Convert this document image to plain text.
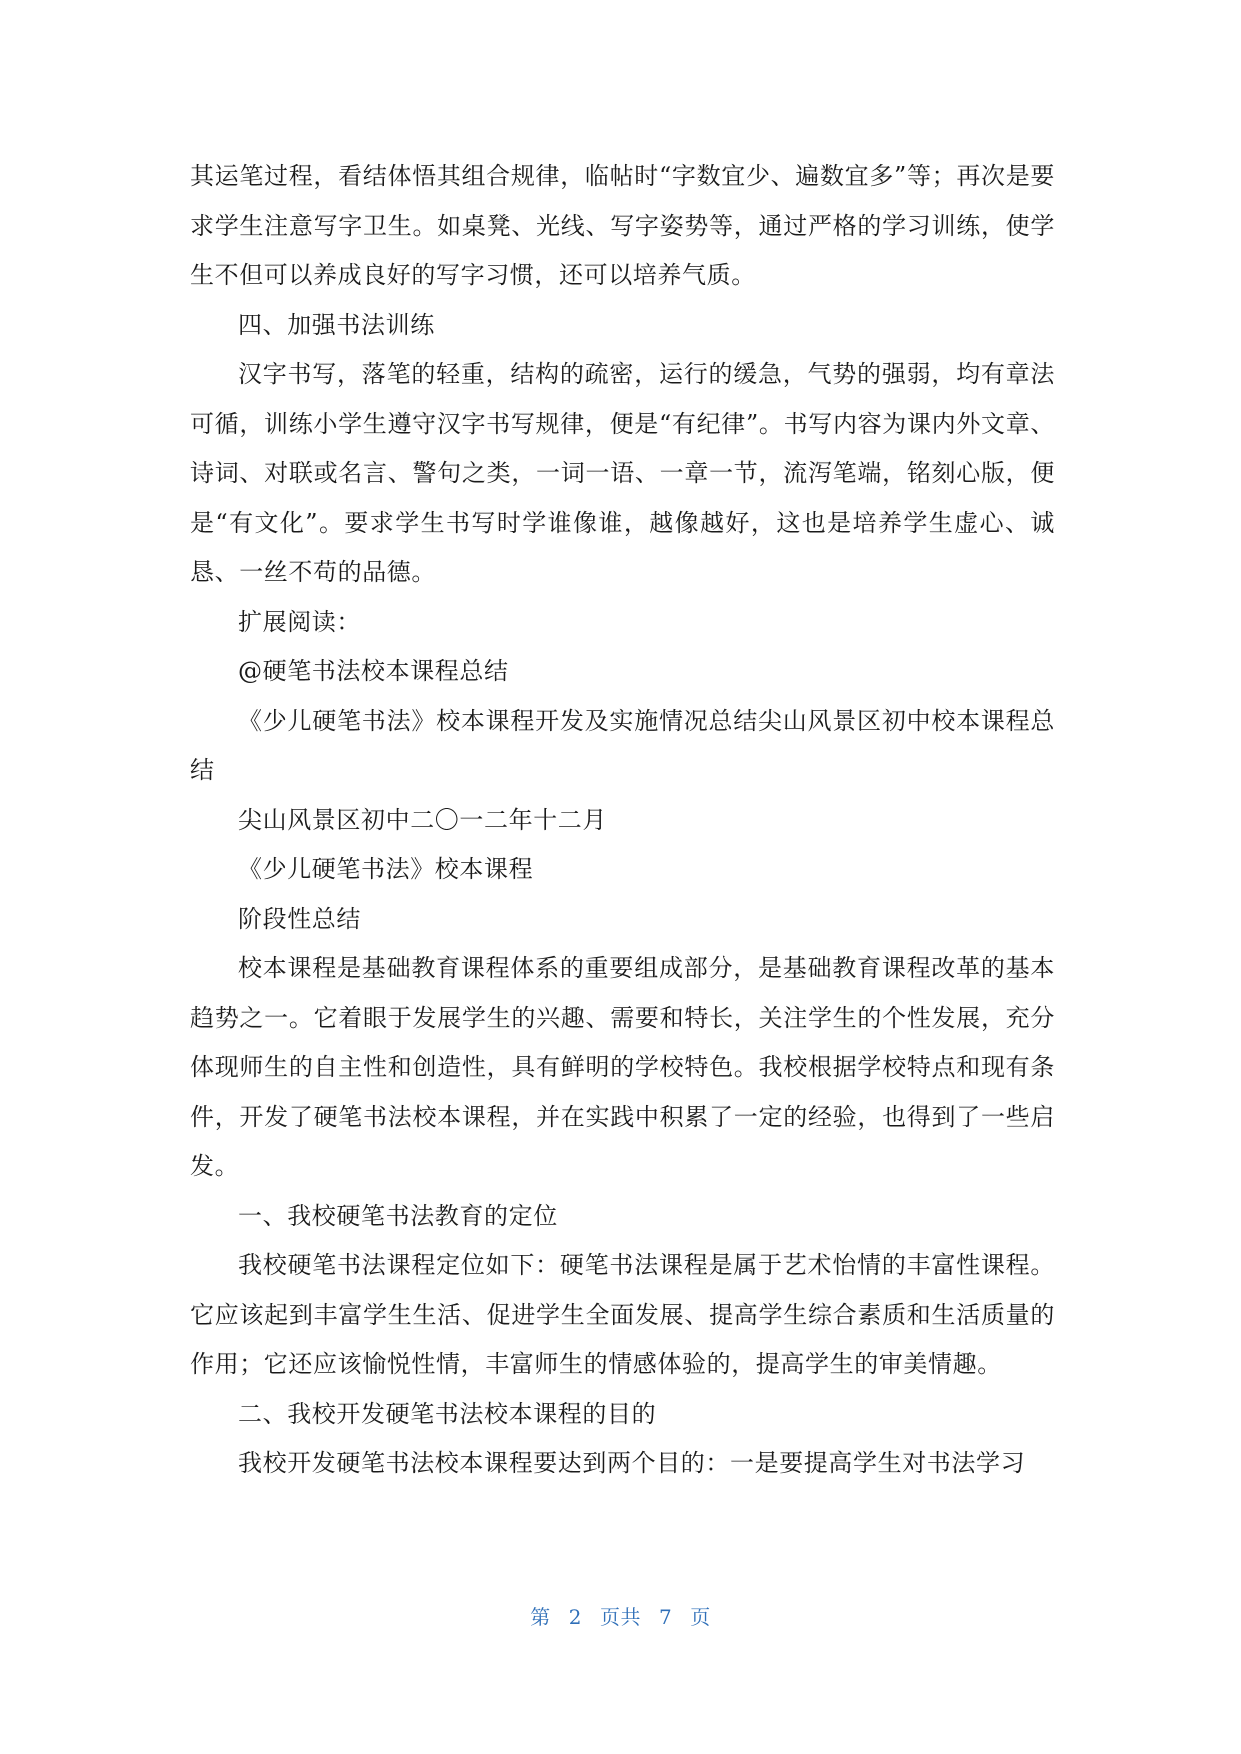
其运笔过程，看结体悟其组合规律，临帖时“字数宜少、遍数宜多”等；再次是要求学生注意写字卫生。如桌凳、光线、写字姿势等，通过严格的学习训练，使学生不但可以养成良好的写字习惯，还可以培养气质。

四、加强书法训练

汉字书写，落笔的轻重，结构的疏密，运行的缓急，气势的强弱，均有章法可循，训练小学生遵守汉字书写规律，便是“有纪律”。书写内容为课内外文章、诗词、对联或名言、警句之类，一词一语、一章一节，流泻笔端，铭刻心版，便是“有文化”。要求学生书写时学谁像谁，越像越好，这也是培养学生虚心、诚恳、一丝不苟的品德。

扩展阅读：

@硬笔书法校本课程总结

《少儿硬笔书法》校本课程开发及实施情况总结尖山风景区初中校本课程总结

尖山风景区初中二〇一二年十二月

《少儿硬笔书法》校本课程

阶段性总结

校本课程是基础教育课程体系的重要组成部分，是基础教育课程改革的基本趋势之一。它着眼于发展学生的兴趣、需要和特长，关注学生的个性发展，充分体现师生的自主性和创造性，具有鲜明的学校特色。我校根据学校特点和现有条件，开发了硬笔书法校本课程，并在实践中积累了一定的经验，也得到了一些启发。

一、我校硬笔书法教育的定位

我校硬笔书法课程定位如下：硬笔书法课程是属于艺术怡情的丰富性课程。它应该起到丰富学生生活、促进学生全面发展、提高学生综合素质和生活质量的作用；它还应该愉悦性情，丰富师生的情感体验的，提高学生的审美情趣。

二、我校开发硬笔书法校本课程的目的

我校开发硬笔书法校本课程要达到两个目的：一是要提高学生对书法学习

第 2 页共 7 页
